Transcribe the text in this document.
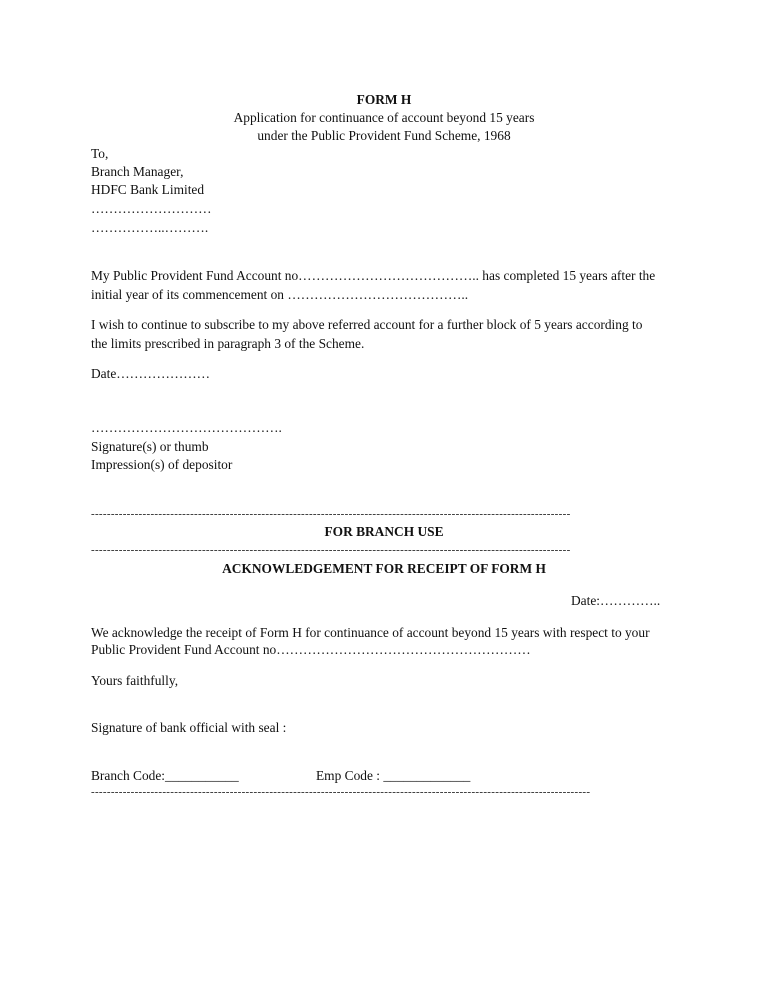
FORM H
Application for continuance of account beyond 15 years
under the Public Provident Fund Scheme, 1968
To,
Branch Manager,
HDFC Bank Limited
………………………
……………..……….
My Public Provident Fund Account no………………………………….. has completed 15 years after the
initial year of its commencement on …………………………………..
I wish to continue to subscribe to my above referred account for a further block of 5 years according to
the limits prescribed in paragraph 3 of the Scheme.
Date…………………
…………………………………….
Signature(s) or thumb
Impression(s) of depositor
-------------------------------------------------------------------------------------------------------------------------
FOR BRANCH USE
-------------------------------------------------------------------------------------------------------------------------
ACKNOWLEDGEMENT FOR RECEIPT OF FORM H
Date:…………..
We acknowledge the receipt of Form H for continuance of account beyond 15 years with respect to your
Public Provident Fund Account no…………………………………………………
Yours faithfully,
Signature of bank official with seal :
Branch Code:___________	Emp Code : _____________
------------------------------------------------------------------------------------------------------------------------------
